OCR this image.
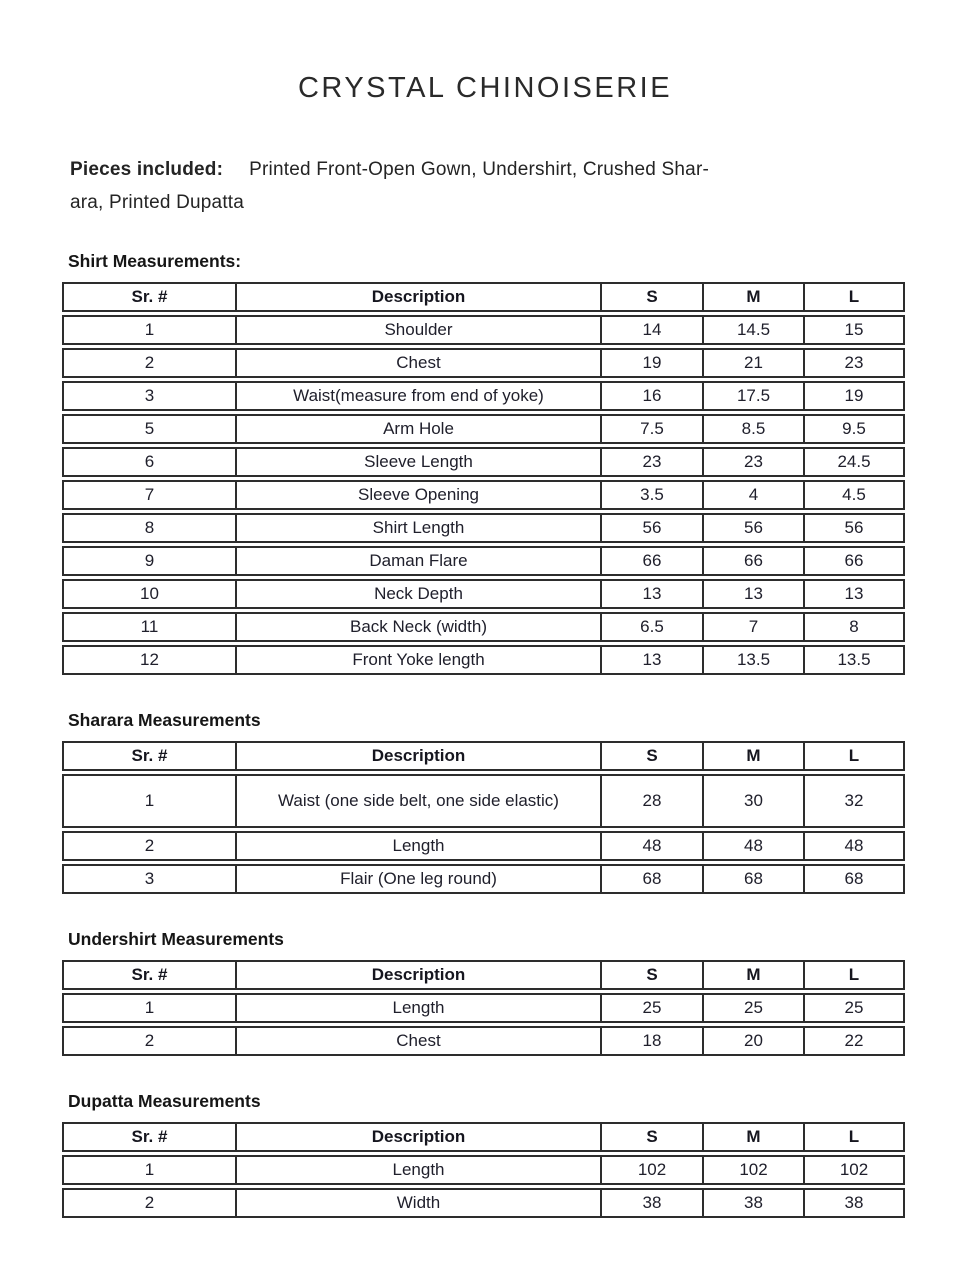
CRYSTAL CHINOISERIE

Pieces included: Printed Front-Open Gown, Undershirt, Crushed Shar-
ara, Printed Dupatta

Shirt Measurements:
Sr. #	Description	S	M	L
1	Shoulder	14	14.5	15
2	Chest	19	21	23
3	Waist(measure from end of yoke)	16	17.5	19
5	Arm Hole	7.5	8.5	9.5
6	Sleeve Length	23	23	24.5
7	Sleeve Opening	3.5	4	4.5
8	Shirt Length	56	56	56
9	Daman Flare	66	66	66
10	Neck Depth	13	13	13
11	Back Neck (width)	6.5	7	8
12	Front Yoke length	13	13.5	13.5
Sharara Measurements
Sr. #	Description	S	M	L
1	Waist (one side belt, one side elastic)	28	30	32
2	Length	48	48	48
3	Flair (One leg round)	68	68	68
Undershirt Measurements
Sr. #	Description	S	M	L
1	Length	25	25	25
2	Chest	18	20	22
Dupatta Measurements
Sr. #	Description	S	M	L
1	Length	102	102	102
2	Width	38	38	38
